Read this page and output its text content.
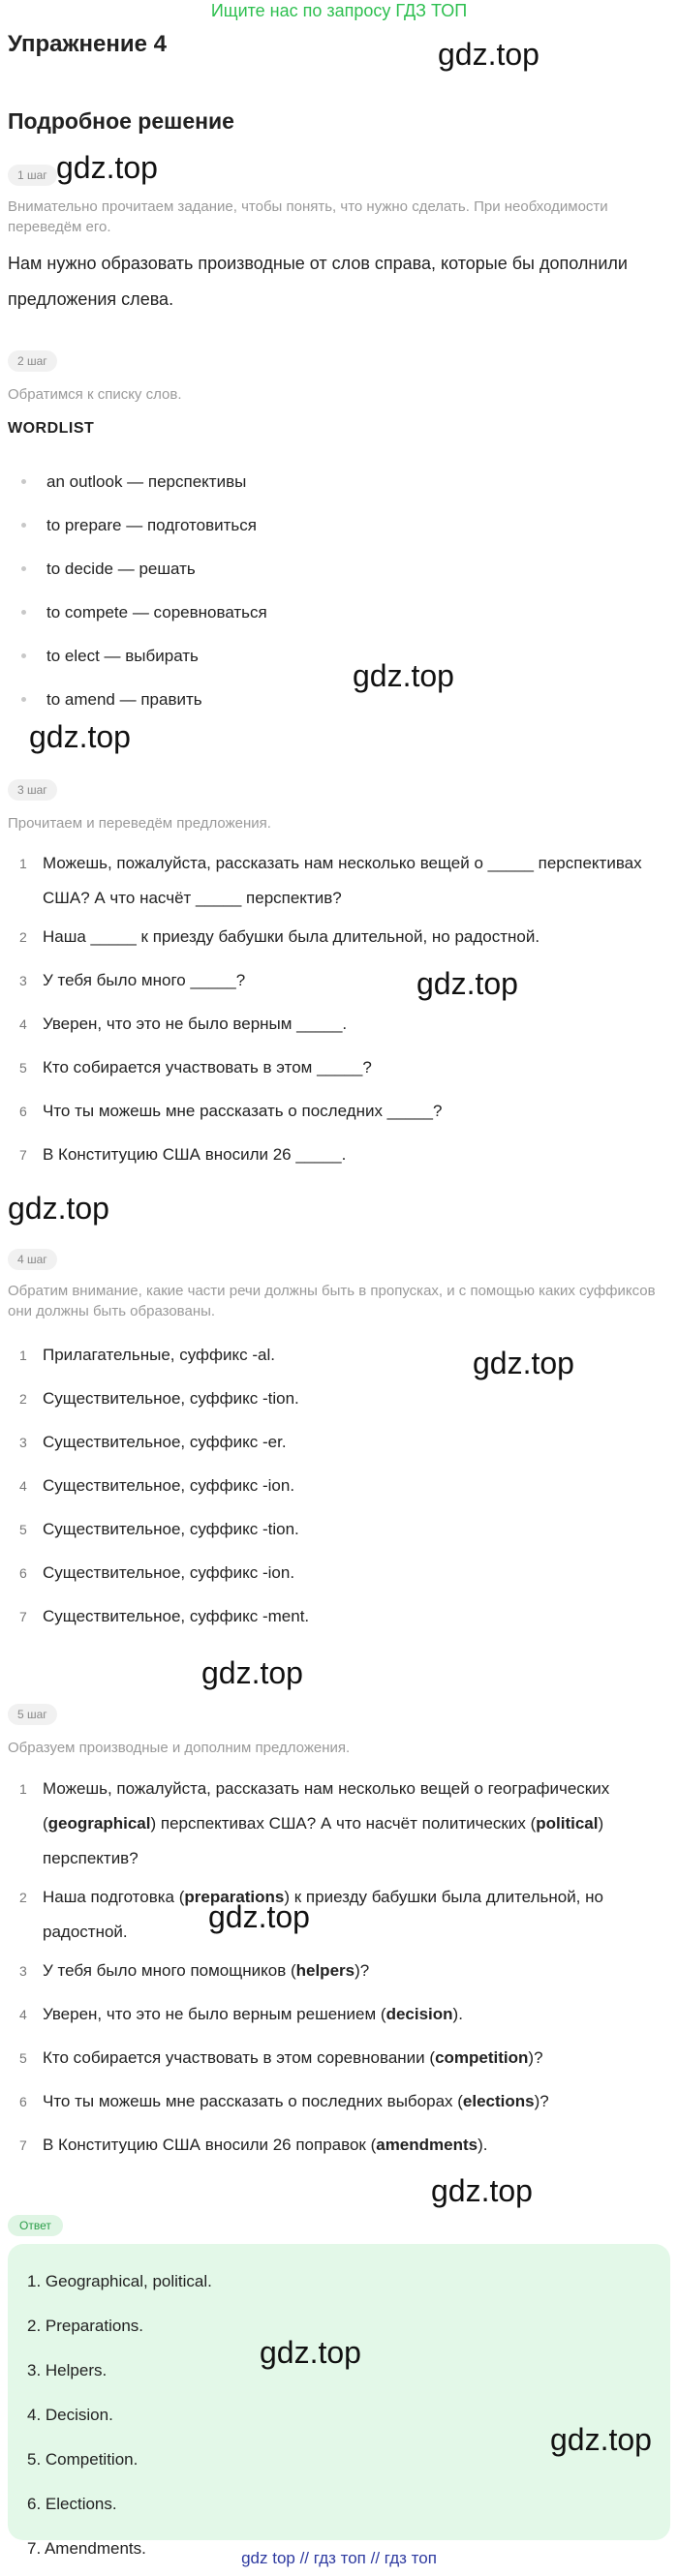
Ищите нас по запросу ГДЗ ТОП
Упражнение 4	gdz.top
Подробное решение
1 шаг gdz.top
Внимательно прочитаем задание, чтобы понять, что нужно сделать. При необходимости переведём его.
Нам нужно образовать производные от слов справа, которые бы дополнили предложения слева.
2 шаг
Обратимся к списку слов.
WORDLIST
an outlook — перспективы
to prepare — подготовиться
to decide — решать
to compete — соревноваться
to elect — выбирать
to amend — править
gdz.top
gdz.top
3 шаг
Прочитаем и переведём предложения.
1 Можешь, пожалуйста, рассказать нам несколько вещей о _____ перспективах США? А что насчёт _____ перспектив?
2 Наша _____ к приезду бабушки была длительной, но радостной.
3 У тебя было много _____?
4 Уверен, что это не было верным _____.
5 Кто собирается участвовать в этом _____?
6 Что ты можешь мне рассказать о последних _____?
7 В Конституцию США вносили 26 _____.
gdz.top
gdz.top
4 шаг
Обратим внимание, какие части речи должны быть в пропусках, и с помощью каких суффиксов они должны быть образованы.
1 Прилагательные, суффикс -al.
2 Существительное, суффикс -tion.
3 Существительное, суффикс -er.
4 Существительное, суффикс -ion.
5 Существительное, суффикс -tion.
6 Существительное, суффикс -ion.
7 Существительное, суффикс -ment.
gdz.top
gdz.top
5 шаг
Образуем производные и дополним предложения.
1 Можешь, пожалуйста, рассказать нам несколько вещей о географических (geographical) перспективах США? А что насчёт политических (political) перспектив?
2 Наша подготовка (preparations) к приезду бабушки была длительной, но радостной.
3 У тебя было много помощников (helpers)?
4 Уверен, что это не было верным решением (decision).
5 Кто собирается участвовать в этом соревновании (competition)?
6 Что ты можешь мне рассказать о последних выборах (elections)?
7 В Конституцию США вносили 26 поправок (amendments).
gdz.top
gdz.top
Ответ
1. Geographical, political.
2. Preparations.
3. Helpers.
4. Decision.
5. Competition.
6. Elections.
7. Amendments.
gdz.top
gdz.top
gdz top // гдз топ // гдз топ
